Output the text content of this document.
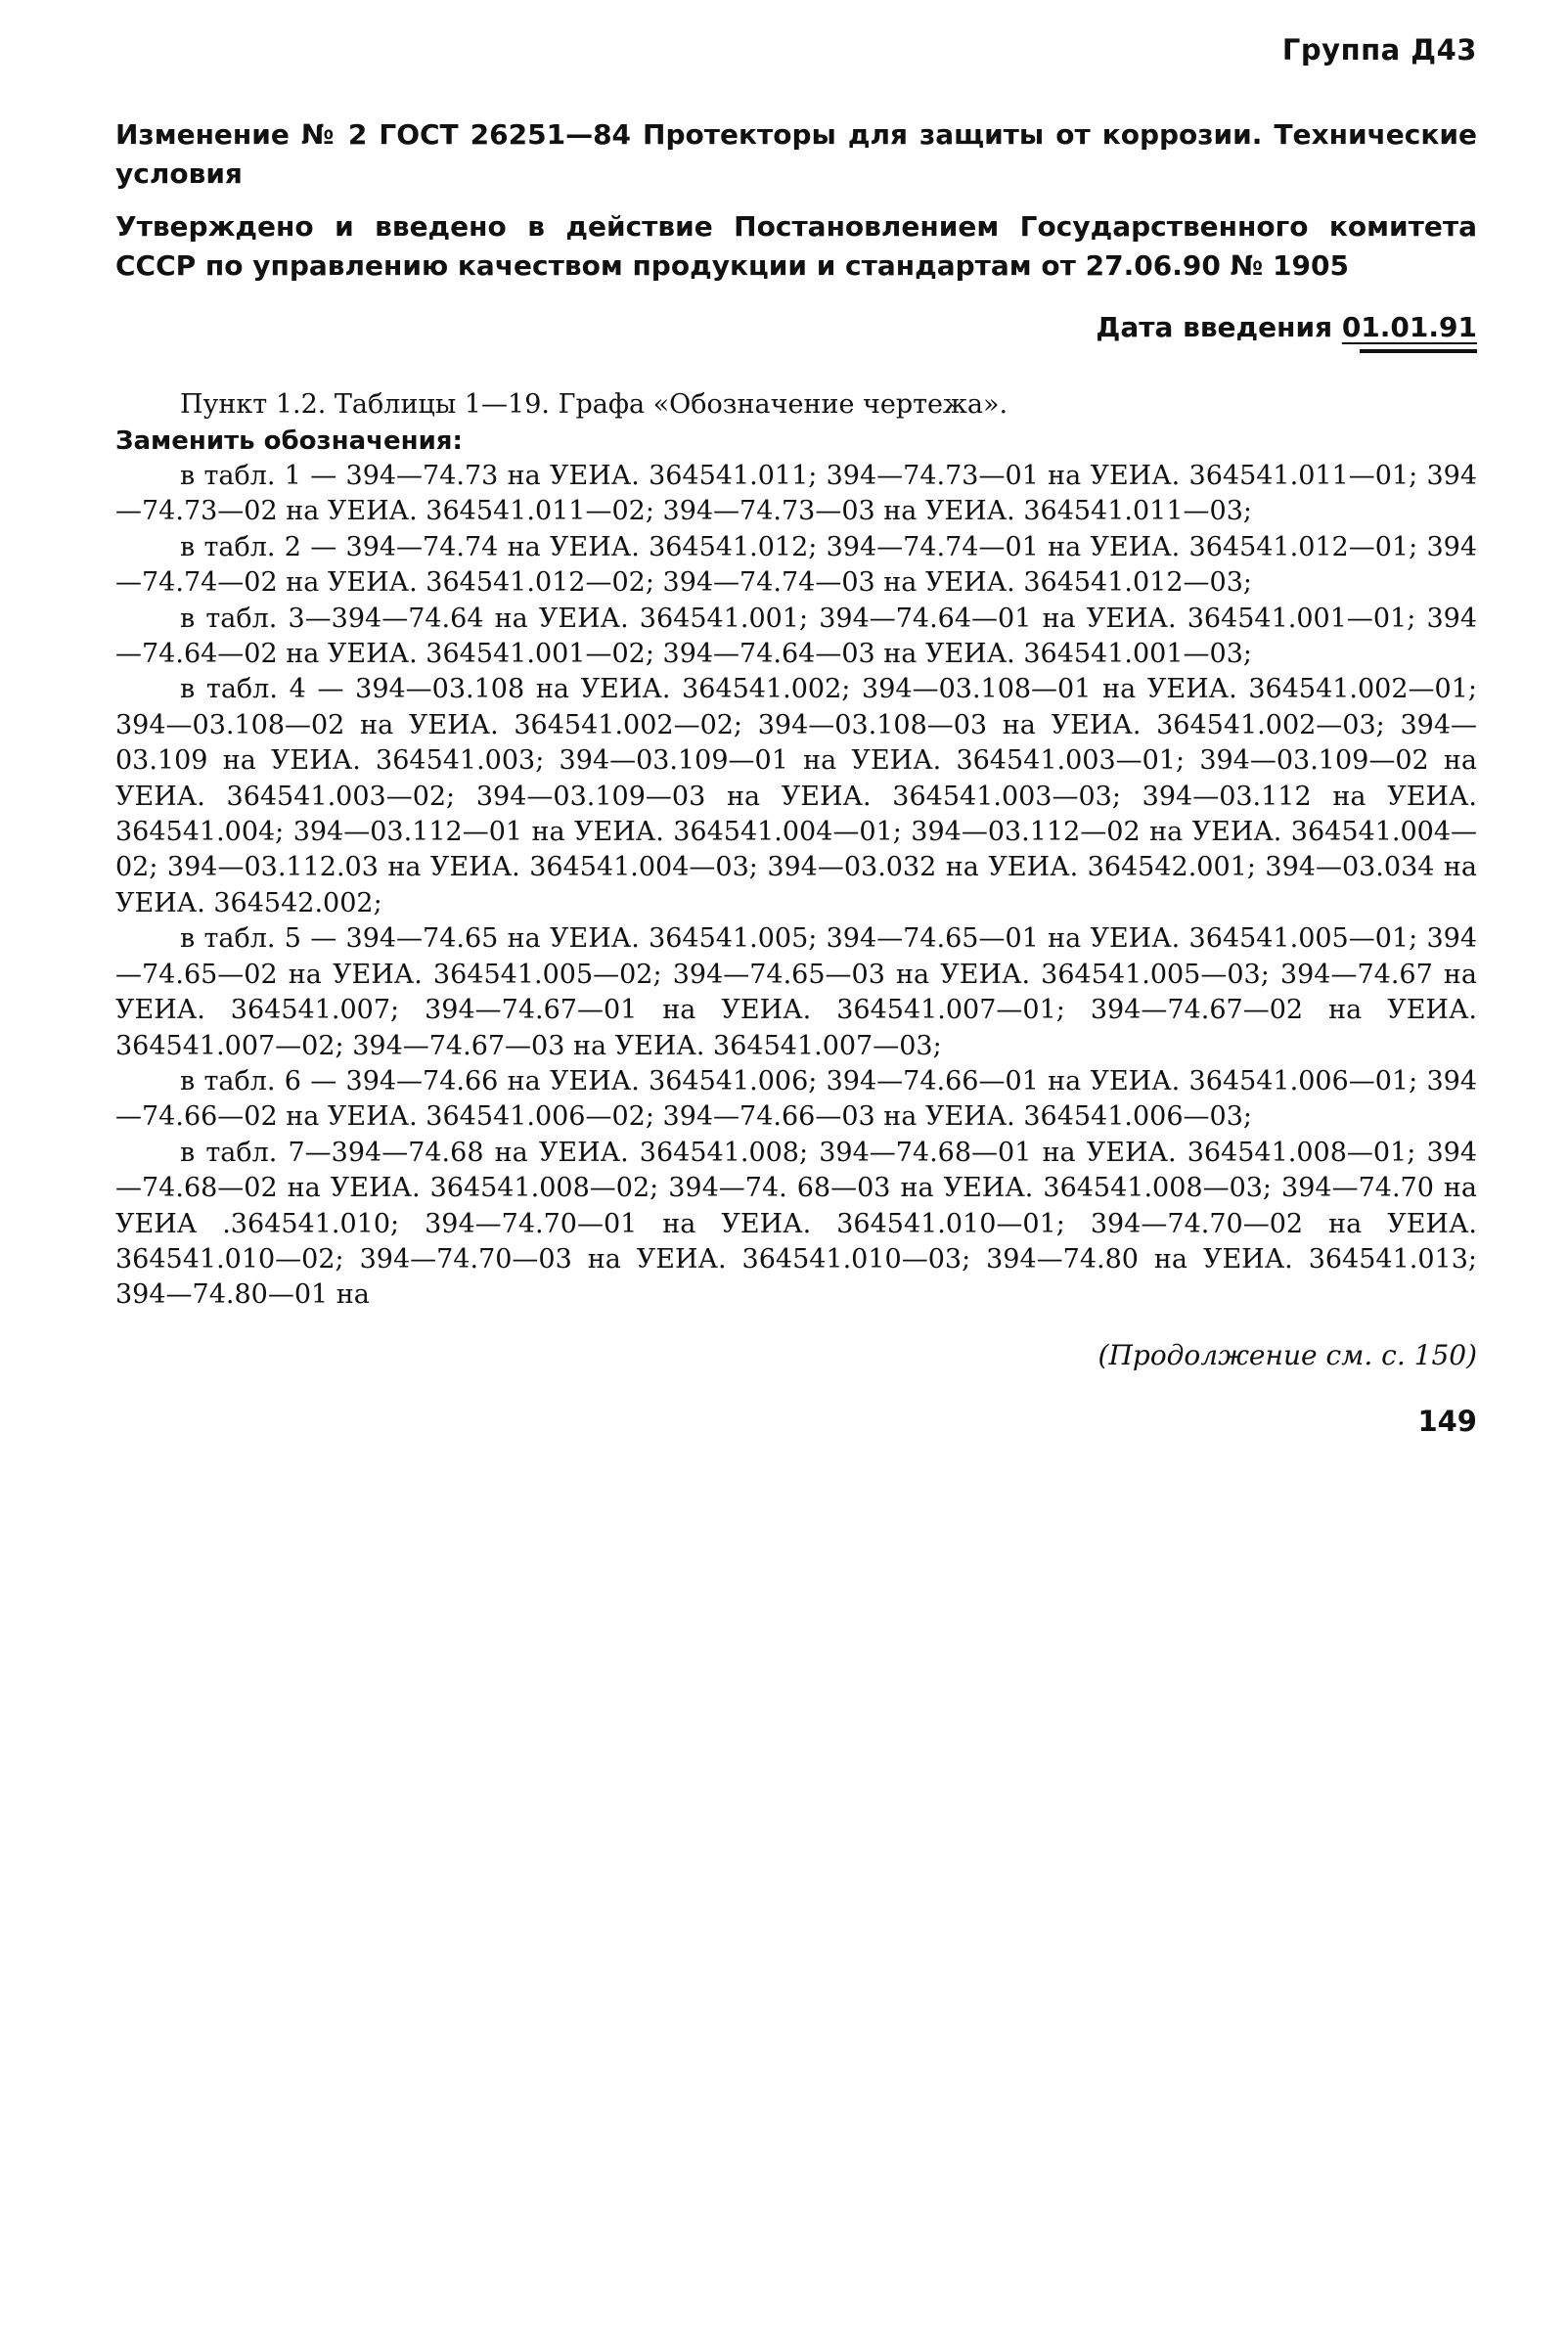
Группа Д43
Изменение № 2 ГОСТ 26251—84 Протекторы для защиты от коррозии. Технические условия
Утверждено и введено в действие Постановлением Государственного комитета СССР по управлению качеством продукции и стандартам от 27.06.90 № 1905
Дата введения 01.01.91
Пункт 1.2. Таблицы 1—19. Графа «Обозначение чертежа».
Заменить обозначения:

в табл. 1 — 394—74.73 на УЕИА. 364541.011; 394—74.73—01 на УЕИА. 364541.011—01; 394—74.73—02 на УЕИА. 364541.011—02; 394—74.73—03 на УЕИА. 364541.011—03;

в табл. 2 — 394—74.74 на УЕИА. 364541.012; 394—74.74—01 на УЕИА. 364541.012—01; 394—74.74—02 на УЕИА. 364541.012—02; 394—74.74—03 на УЕИА. 364541.012—03;

в табл. 3—394—74.64 на УЕИА. 364541.001; 394—74.64—01 на УЕИА. 364541.001—01; 394—74.64—02 на УЕИА. 364541.001—02; 394—74.64—03 на УЕИА. 364541.001—03;

в табл. 4 — 394—03.108 на УЕИА. 364541.002; 394—03.108—01 на УЕИА. 364541.002—01; 394—03.108—02 на УЕИА. 364541.002—02; 394—03.108—03 на УЕИА. 364541.002—03; 394—03.109 на УЕИА. 364541.003; 394—03.109—01 на УЕИА. 364541.003—01; 394—03.109—02 на УЕИА. 364541.003—02; 394—03.109—03 на УЕИА. 364541.003—03; 394—03.112 на УЕИА. 364541.004; 394—03.112—01 на УЕИА. 364541.004—01; 394—03.112—02 на УЕИА. 364541.004—02; 394—03.112.03 на УЕИА. 364541.004—03; 394—03.032 на УЕИА. 364542.001; 394—03.034 на УЕИА. 364542.002;

в табл. 5 — 394—74.65 на УЕИА. 364541.005; 394—74.65—01 на УЕИА. 364541.005—01; 394—74.65—02 на УЕИА. 364541.005—02; 394—74.65—03 на УЕИА. 364541.005—03; 394—74.67 на УЕИА. 364541.007; 394—74.67—01 на УЕИА. 364541.007—01; 394—74.67—02 на УЕИА. 364541.007—02; 394—74.67—03 на УЕИА. 364541.007—03;

в табл. 6 — 394—74.66 на УЕИА. 364541.006; 394—74.66—01 на УЕИА. 364541.006—01; 394—74.66—02 на УЕИА. 364541.006—02; 394—74.66—03 на УЕИА. 364541.006—03;

в табл. 7—394—74.68 на УЕИА. 364541.008; 394—74.68—01 на УЕИА. 364541.008—01; 394—74.68—02 на УЕИА. 364541.008—02; 394—74. 68—03 на УЕИА. 364541.008—03; 394—74.70 на УЕИА .364541.010; 394—74.70—01 на УЕИА. 364541.010—01; 394—74.70—02 на УЕИА. 364541.010—02; 394—74.70—03 на УЕИА. 364541.010—03; 394—74.80 на УЕИА. 364541.013; 394—74.80—01 на

(Продолжение см. с. 150)
149
